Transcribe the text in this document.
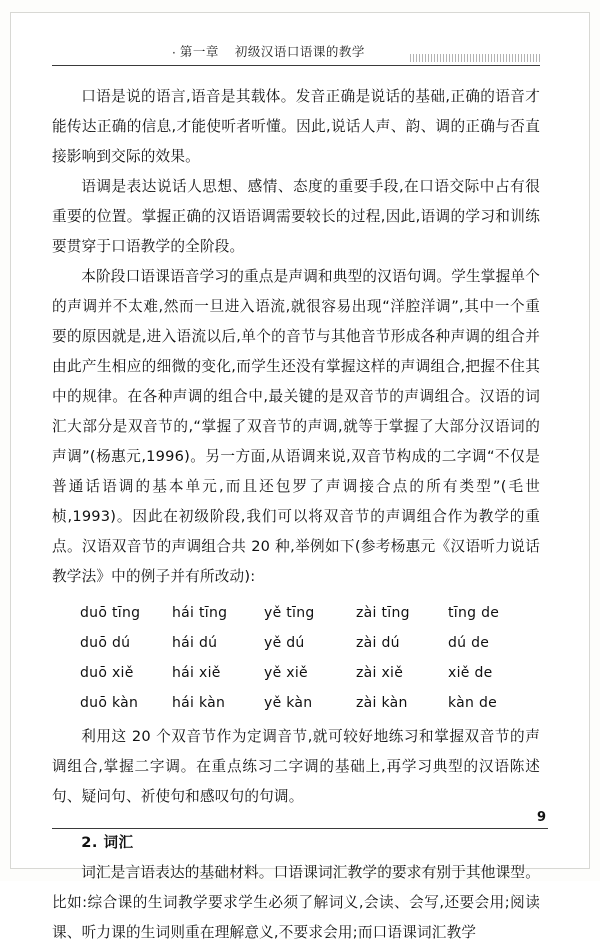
· 第一章 初级汉语口语课的教学

口语是说的语言,语音是其载体。发音正确是说话的基础,正确的语音才能传达正确的信息,才能使听者听懂。因此,说话人声、韵、调的正确与否直接影响到交际的效果。

语调是表达说话人思想、感情、态度的重要手段,在口语交际中占有很重要的位置。掌握正确的汉语语调需要较长的过程,因此,语调的学习和训练要贯穿于口语教学的全阶段。

本阶段口语课语音学习的重点是声调和典型的汉语句调。学生掌握单个的声调并不太难,然而一旦进入语流,就很容易出现“洋腔洋调”,其中一个重要的原因就是,进入语流以后,单个的音节与其他音节形成各种声调的组合并由此产生相应的细微的变化,而学生还没有掌握这样的声调组合,把握不住其中的规律。在各种声调的组合中,最关键的是双音节的声调组合。汉语的词汇大部分是双音节的,“掌握了双音节的声调,就等于掌握了大部分汉语词的声调”(杨惠元,1996)。另一方面,从语调来说,双音节构成的二字调“不仅是普通话语调的基本单元,而且还包罗了声调接合点的所有类型”(毛世桢,1993)。因此在初级阶段,我们可以将双音节的声调组合作为教学的重点。汉语双音节的声调组合共 20 种,举例如下(参考杨惠元《汉语听力说话教学法》中的例子并有所改动):

duō tīng	hái tīng	yě tīng	zài tīng	tīng de
duō dú	hái dú	yě dú	zài dú	dú de
duō xiě	hái xiě	yě xiě	zài xiě	xiě de
duō kàn	hái kàn	yě kàn	zài kàn	kàn de

利用这 20 个双音节作为定调音节,就可较好地练习和掌握双音节的声调组合,掌握二字调。在重点练习二字调的基础上,再学习典型的汉语陈述句、疑问句、祈使句和感叹句的句调。

2. 词汇

词汇是言语表达的基础材料。口语课词汇教学的要求有别于其他课型。比如:综合课的生词教学要求学生必须了解词义,会读、会写,还要会用;阅读课、听力课的生词则重在理解意义,不要求会用;而口语课词汇教学

9
